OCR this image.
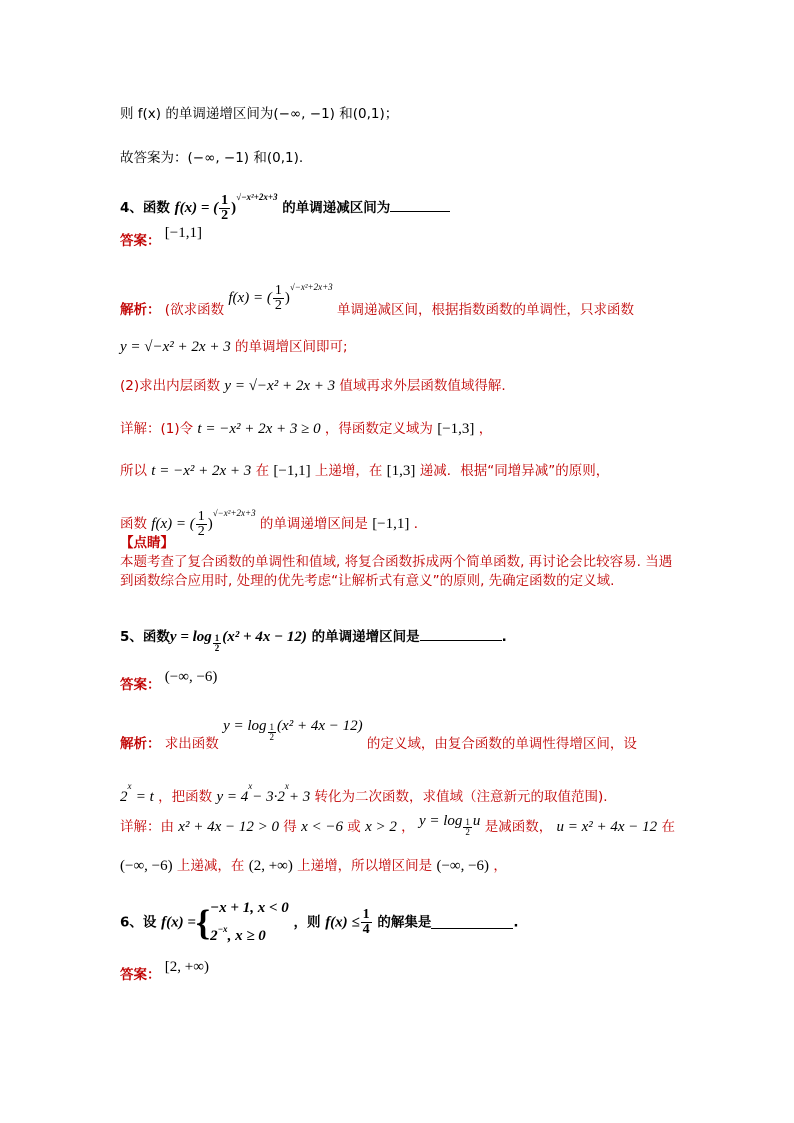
则 f(x) 的单调递增区间为(−∞, −1) 和(0,1)；
故答案为：(−∞, −1) 和(0,1).
4、函数 f(x) = ( $\frac{1}{2} )^{√-x^2+2x+3}$ 的单调递减区间为
答案： [−1,1]
解析： (欲求函数 f(x) = ( $\frac{1}{2} )^{√-x^2+2x+3}$ 单调递减区间，根据指数函数的单调性，只求函数
y = √−x² + 2x + 3 的单调增区间即可;
(2)求出内层函数 y = √−x² + 2x + 3 值域再求外层函数值域得解.
详解：(1)令 t = −x² + 2x + 3 ≥ 0 ，得函数定义域为 [−1,3] ，
所以 t = −x² + 2x + 3 在 [−1,1] 上递增，在 [1,3] 递减．根据“同增异减”的原则，
函数 f(x) = ( $\frac{1}{2} )^{√-x^2+2x+3}$ 的单调递增区间是 [−1,1] ．
【点睛】
本题考查了复合函数的单调性和值域, 将复合函数拆成两个简单函数, 再讨论会比较容易. 当遇到函数综合应用时, 处理的优先考虑“让解析式有意义”的原则, 先确定函数的定义域.
5、函数$y = \log \frac{1}{2} (x^2 + 4x - 12)$ 的单调递增区间是	.
答案： (−∞, −6)
解析： 求出函数 $y = \log \frac{1}{2} (x^2 + 4x - 12)$ 的定义域，由复合函数的单调性得增区间，设
$2^x = t$ ，把函数 $y = 4^x- 3\cdot 2^x+ 3$ 转化为二次函数，求值域（注意新元的取值范围).
详解：由 x² + 4x − 12 > 0 得 x < −6 或 x > 2 ， $y = \log \frac{1}{2}$ u 是减函数， u = x² + 4x − 12 在
(−∞, −6) 上递减，在 (2, +∞) 上递增，所以增区间是 (−∞, −6) ，
6、设 f(x) ={ −x + 1, x < 0
$2^{-x}$, x ≥ 0
，则 $f(x) \le \frac{1}{4}$ 的解集是	.
答案： [2, +∞)
